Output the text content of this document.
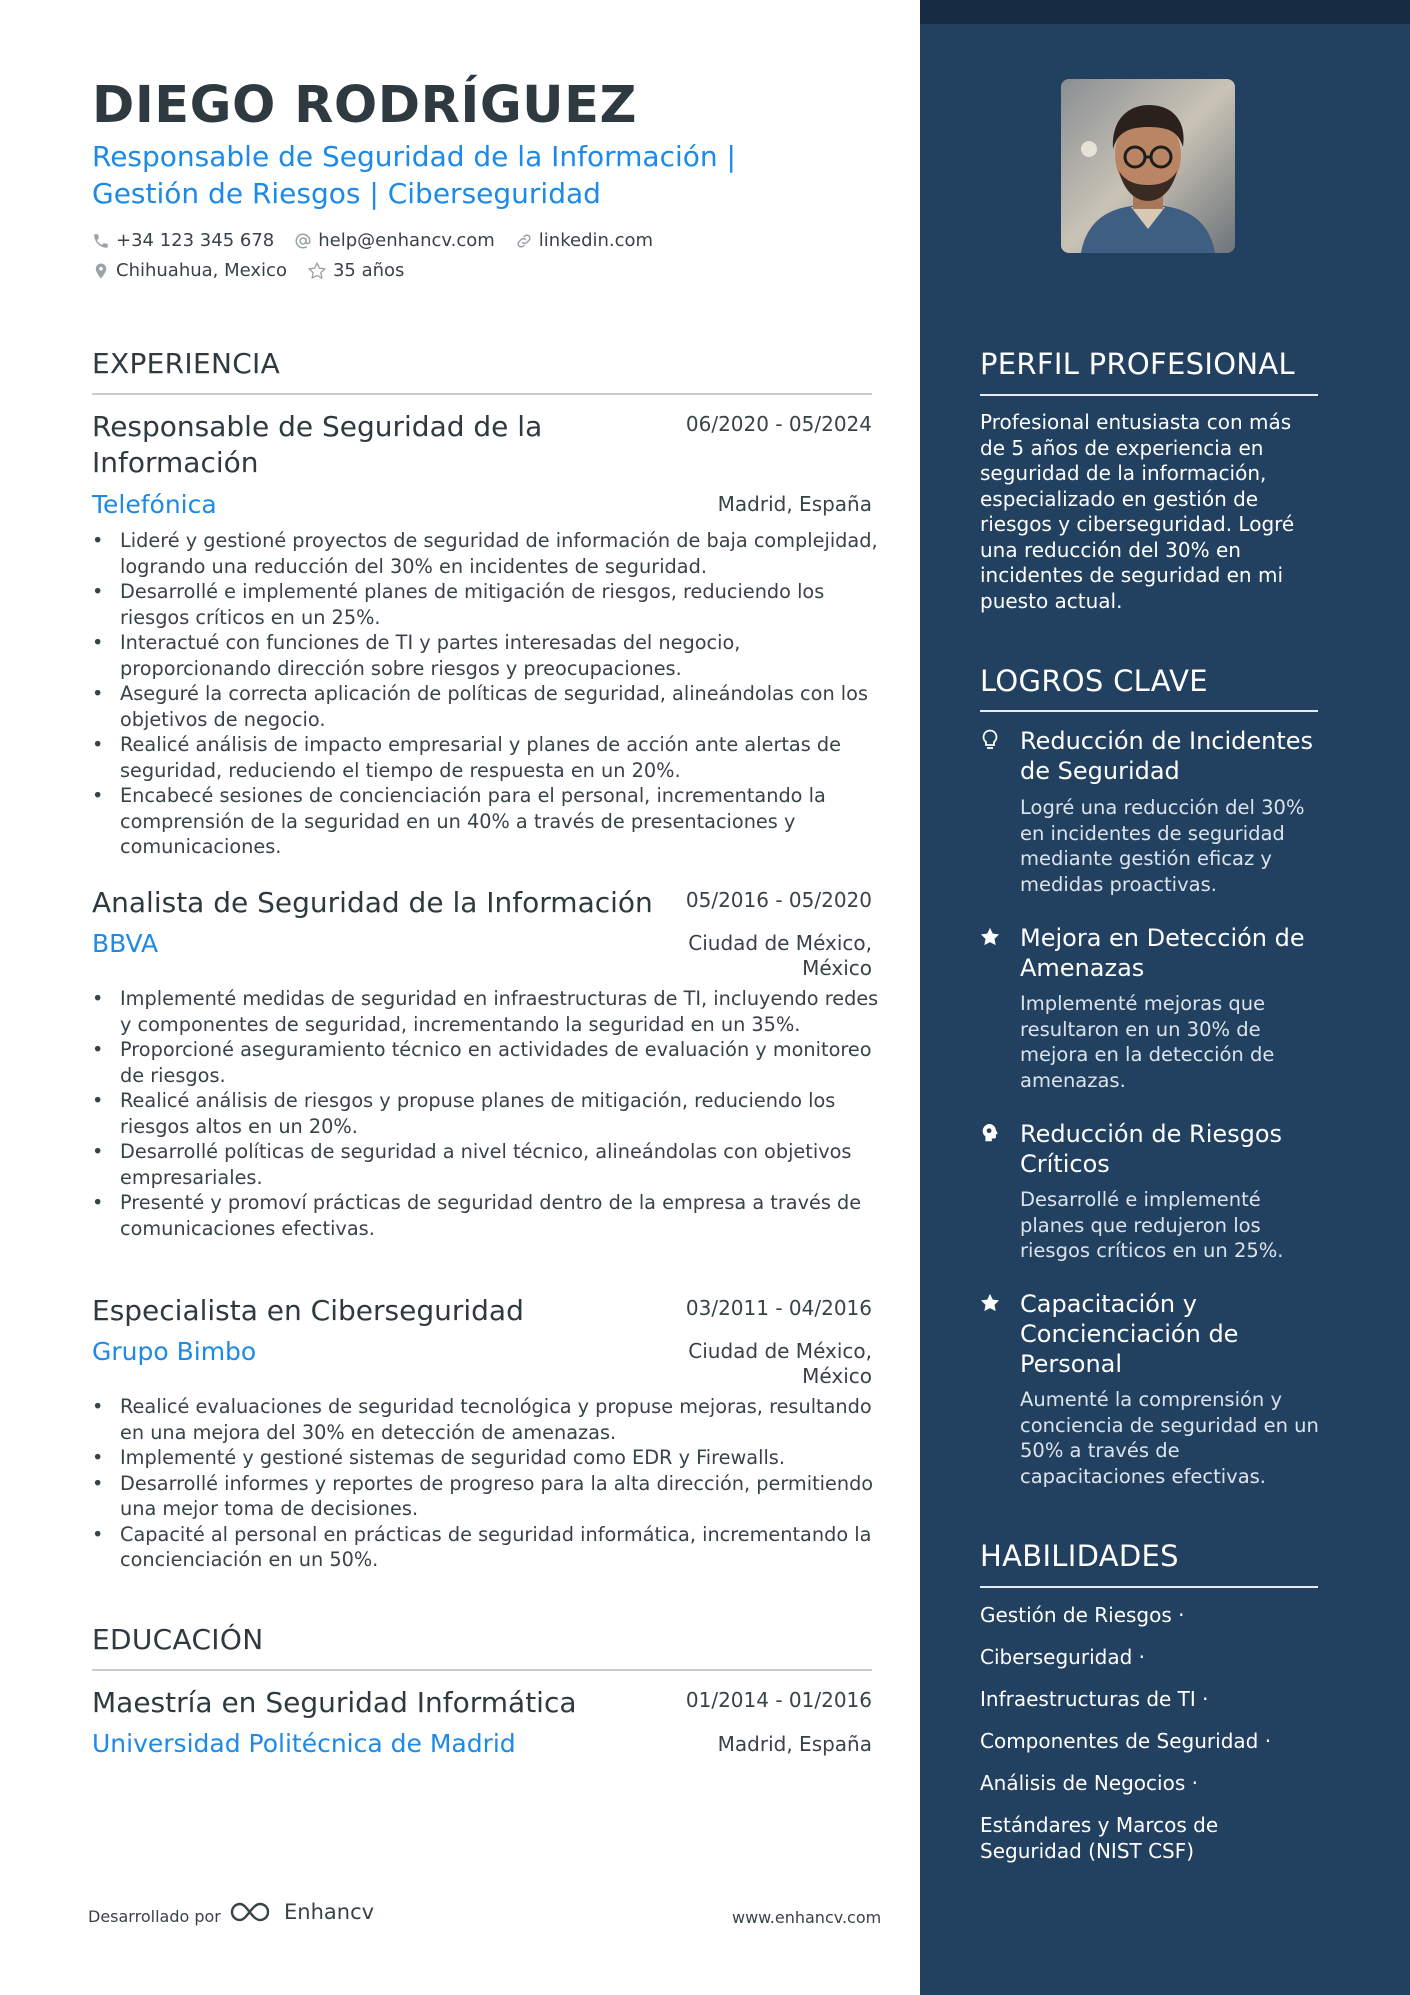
DIEGO RODRÍGUEZ
Responsable de Seguridad de la Información |
Gestión de Riesgos | Ciberseguridad
+34 123 345 678 help@enhancv.com linkedin.com
Chihuahua, Mexico	35 años
EXPERIENCIA
Responsable de Seguridad de la Información
06/2020 - 05/2024
Telefónica	Madrid, España
• Lideré y gestioné proyectos de seguridad de información de baja complejidad, logrando una reducción del 30% en incidentes de seguridad.
• Desarrollé e implementé planes de mitigación de riesgos, reduciendo los riesgos críticos en un 25%.
• Interactué con funciones de TI y partes interesadas del negocio, proporcionando dirección sobre riesgos y preocupaciones.
• Aseguré la correcta aplicación de políticas de seguridad, alineándolas con los objetivos de negocio.
• Realicé análisis de impacto empresarial y planes de acción ante alertas de seguridad, reduciendo el tiempo de respuesta en un 20%.
• Encabecé sesiones de concienciación para el personal, incrementando la comprensión de la seguridad en un 40% a través de presentaciones y comunicaciones.
Analista de Seguridad de la Información	05/2016 - 05/2020
BBVA	Ciudad de México, México
• Implementé medidas de seguridad en infraestructuras de TI, incluyendo redes y componentes de seguridad, incrementando la seguridad en un 35%.
• Proporcioné aseguramiento técnico en actividades de evaluación y monitoreo de riesgos.
• Realicé análisis de riesgos y propuse planes de mitigación, reduciendo los riesgos altos en un 20%.
• Desarrollé políticas de seguridad a nivel técnico, alineándolas con objetivos empresariales.
• Presenté y promoví prácticas de seguridad dentro de la empresa a través de comunicaciones efectivas.
Especialista en Ciberseguridad	03/2011 - 04/2016
Grupo Bimbo	Ciudad de México, México
• Realicé evaluaciones de seguridad tecnológica y propuse mejoras, resultando en una mejora del 30% en detección de amenazas.
• Implementé y gestioné sistemas de seguridad como EDR y Firewalls.
• Desarrollé informes y reportes de progreso para la alta dirección, permitiendo una mejor toma de decisiones.
• Capacité al personal en prácticas de seguridad informática, incrementando la concienciación en un 50%.
EDUCACIÓN
Maestría en Seguridad Informática	01/2014 - 01/2016
Universidad Politécnica de Madrid	Madrid, España
Desarrollado por	Enhancv	www.enhancv.com
PERFIL PROFESIONAL
Profesional entusiasta con más de 5 años de experiencia en seguridad de la información, especializado en gestión de riesgos y ciberseguridad. Logré una reducción del 30% en incidentes de seguridad en mi puesto actual.
LOGROS CLAVE
Reducción de Incidentes de Seguridad
Logré una reducción del 30% en incidentes de seguridad mediante gestión eficaz y medidas proactivas.
Mejora en Detección de Amenazas
Implementé mejoras que resultaron en un 30% de mejora en la detección de amenazas.
Reducción de Riesgos Críticos
Desarrollé e implementé planes que redujeron los riesgos críticos en un 25%.
Capacitación y Concienciación de Personal
Aumenté la comprensión y conciencia de seguridad en un 50% a través de capacitaciones efectivas.
HABILIDADES
Gestión de Riesgos ·
Ciberseguridad ·
Infraestructuras de TI ·
Componentes de Seguridad ·
Análisis de Negocios ·
Estándares y Marcos de Seguridad (NIST CSF)
